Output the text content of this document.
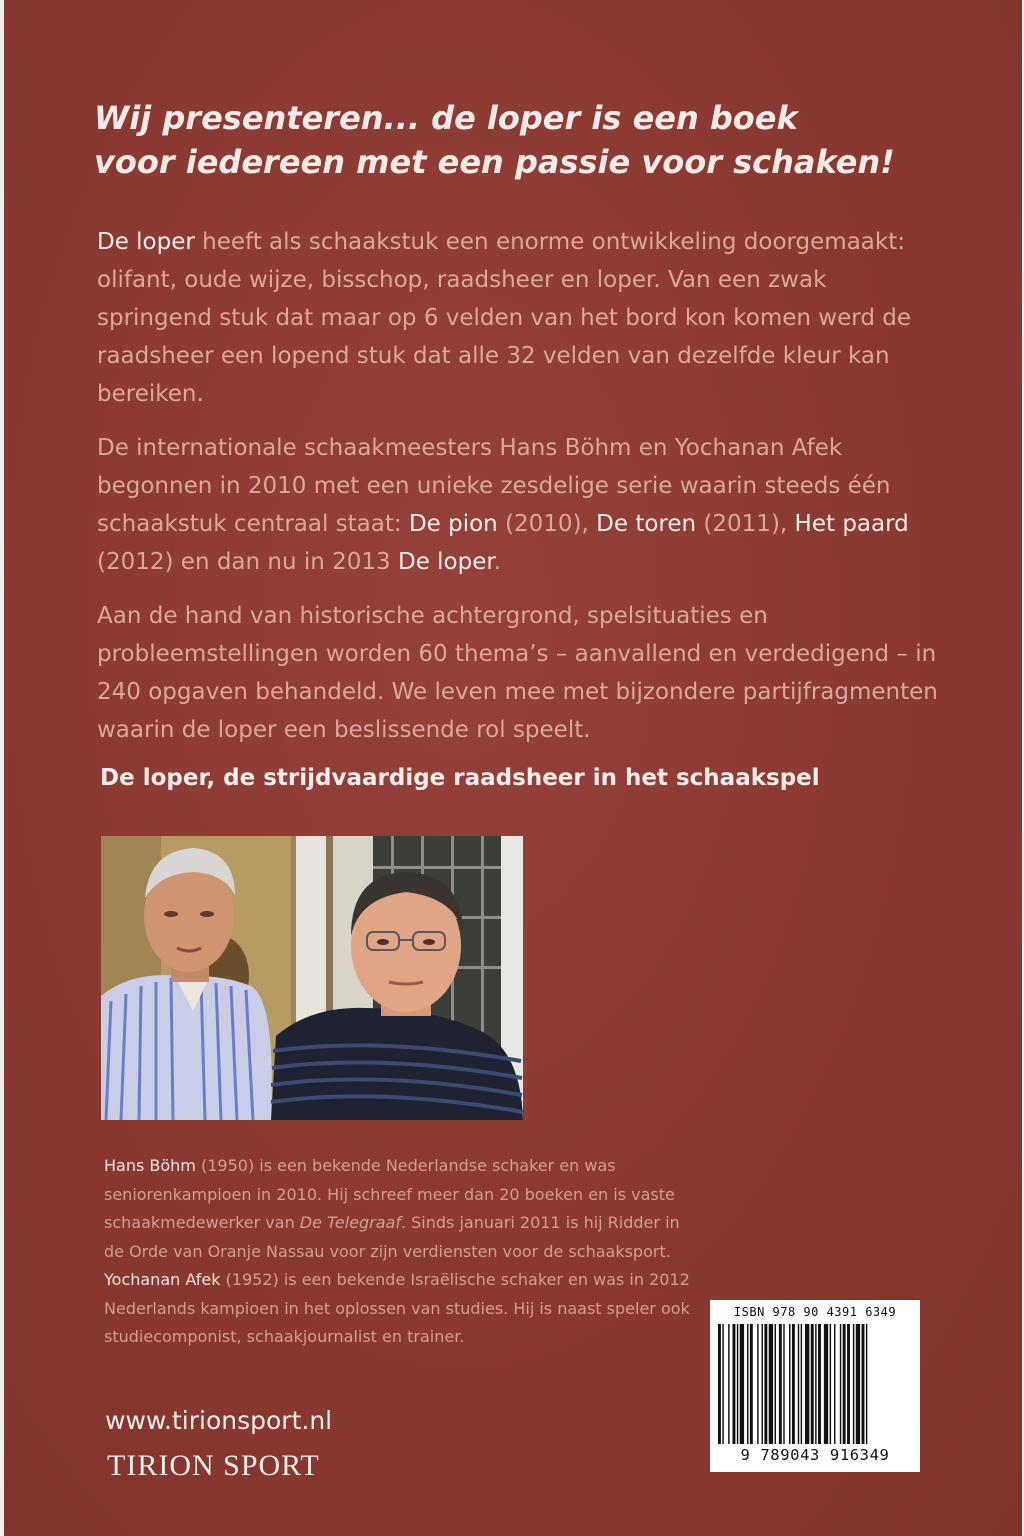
Wij presenteren... de loper is een boek
voor iedereen met een passie voor schaken!

De loper heeft als schaakstuk een enorme ontwikkeling doorgemaakt: olifant, oude wijze, bisschop, raadsheer en loper. Van een zwak springend stuk dat maar op 6 velden van het bord kon komen werd de raadsheer een lopend stuk dat alle 32 velden van dezelfde kleur kan bereiken.

De internationale schaakmeesters Hans Böhm en Yochanan Afek begonnen in 2010 met een unieke zesdelige serie waarin steeds één schaakstuk centraal staat: De pion (2010), De toren (2011), Het paard (2012) en dan nu in 2013 De loper.

Aan de hand van historische achtergrond, spelsituaties en probleemstellingen worden 60 thema’s – aanvallend en verdedigend – in 240 opgaven behandeld. We leven mee met bijzondere partijfragmenten waarin de loper een beslissende rol speelt.

De loper, de strijdvaardige raadsheer in het schaakspel

Hans Böhm (1950) is een bekende Nederlandse schaker en was seniorenkampioen in 2010. Hij schreef meer dan 20 boeken en is vaste schaakmedewerker van De Telegraaf. Sinds januari 2011 is hij Ridder in de Orde van Oranje Nassau voor zijn verdiensten voor de schaaksport.

Yochanan Afek (1952) is een bekende Israëlische schaker en was in 2012 Nederlands kampioen in het oplossen van studies. Hij is naast speler ook studiecomponist, schaakjournalist en trainer.

www.tirionsport.nl
TIRION SPORT
ISBN 978 90 4391 6349
9 789043 916349
